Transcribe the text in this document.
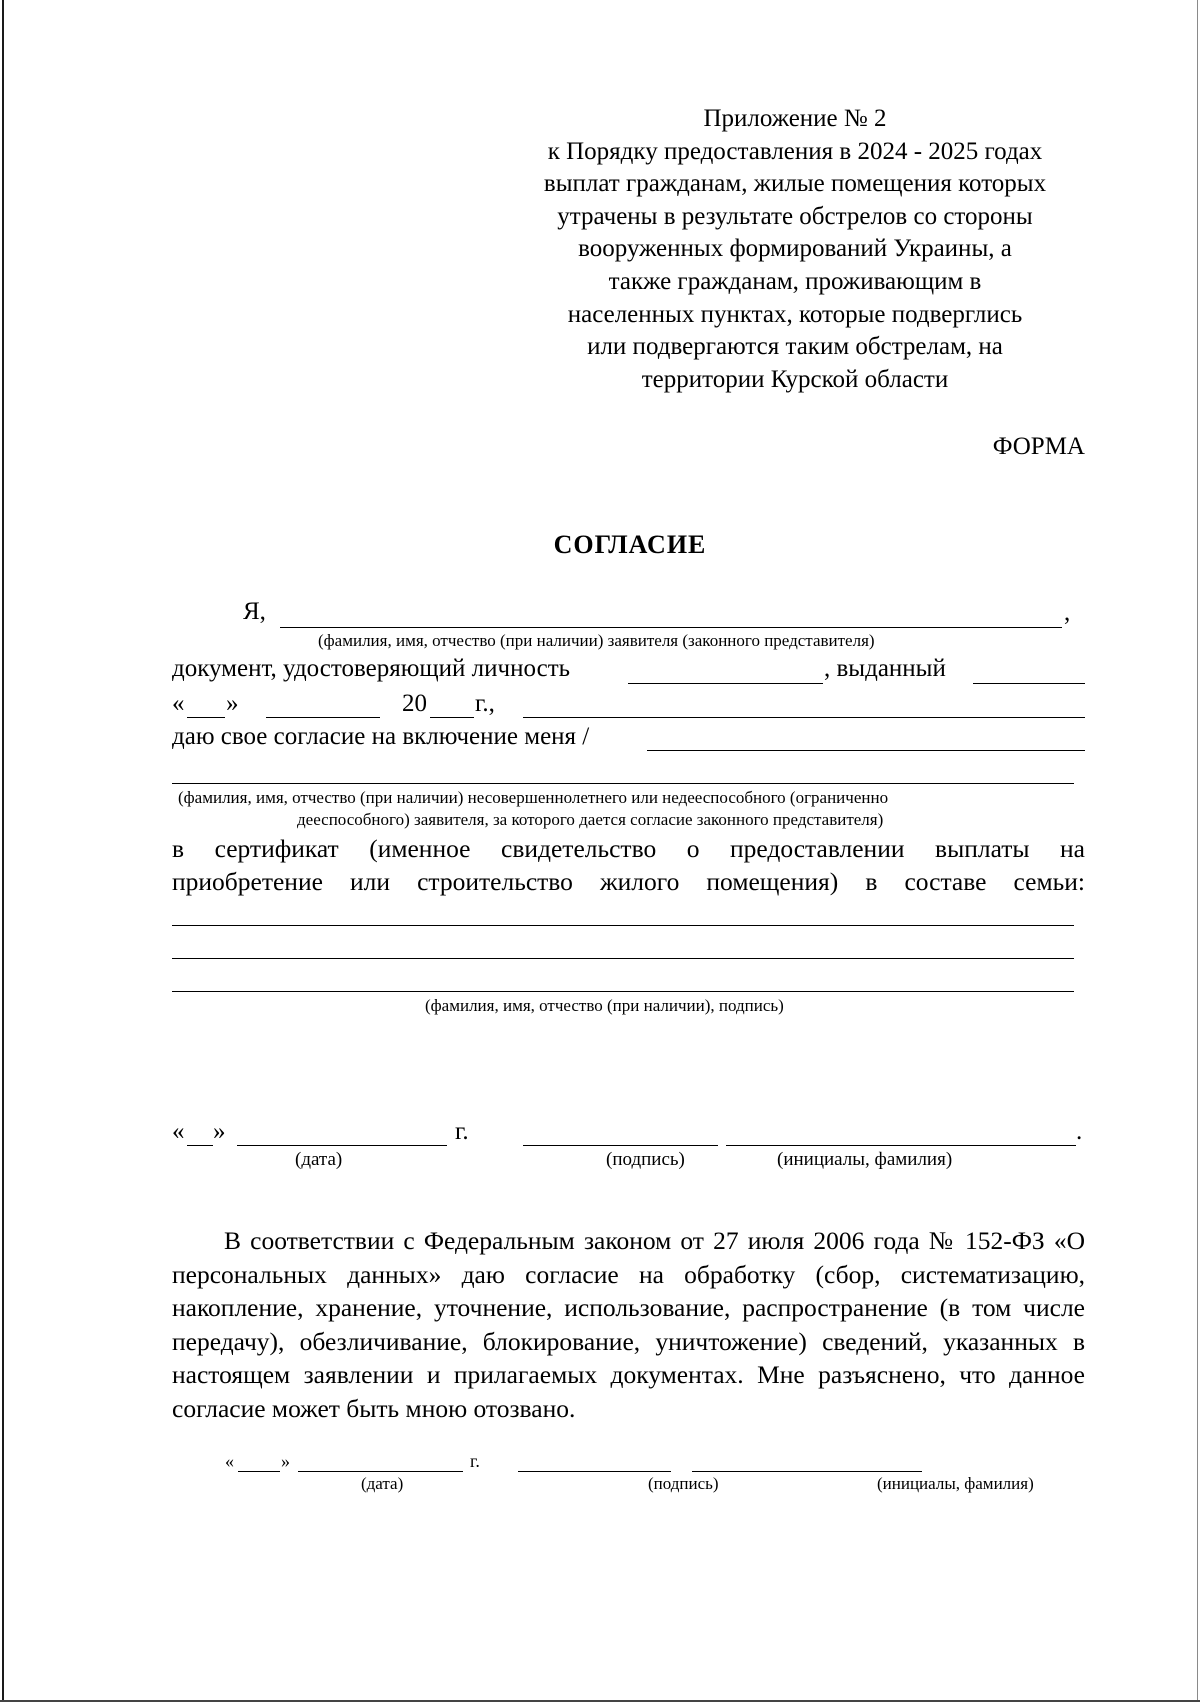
Приложение № 2
к Порядку предоставления в 2024 - 2025 годах
выплат гражданам, жилые помещения которых
утрачены в результате обстрелов со стороны
вооруженных формирований Украины, а
также гражданам, проживающим в
населенных пунктах, которые подверглись
или подвергаются таким обстрелам, на
территории Курской области
ФОРМА
СОГЛАСИЕ
Я,	,
(фамилия, имя, отчество (при наличии) заявителя (законного представителя)
документ, удостоверяющий личность	, выданный
« »	20 г.,
даю свое согласие на включение меня /
(фамилия, имя, отчество (при наличии) несовершеннолетнего или недееспособного (ограниченно
дееспособного) заявителя, за которого дается согласие законного представителя)
в сертификат (именное свидетельство о предоставлении выплаты на
приобретение или строительство жилого помещения) в составе семьи:
(фамилия, имя, отчество (при наличии), подпись)
« »	г.	.
(дата)	(подпись)	(инициалы, фамилия)
В соответствии с Федеральным законом от 27 июля 2006 года № 152-ФЗ «О персональных данных» даю согласие на обработку (сбор, систематизацию, накопление, хранение, уточнение, использование, распространение (в том числе передачу), обезличивание, блокирование, уничтожение) сведений, указанных в настоящем заявлении и прилагаемых документах. Мне разъяснено, что данное согласие может быть мною отозвано.
«	»	г.
(дата)	(подпись)	(инициалы, фамилия)
